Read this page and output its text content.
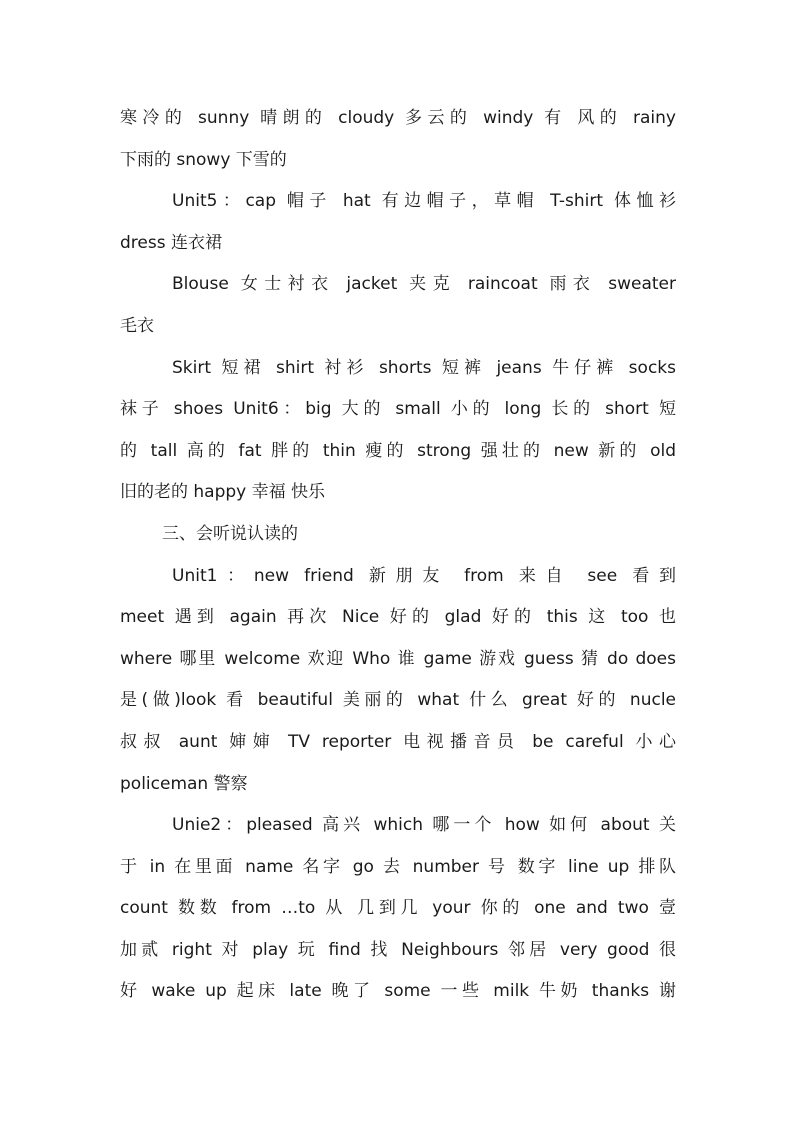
寒冷的 sunny 晴朗的 cloudy 多云的 windy 有 风的 rainy
下雨的 snowy 下雪的
Unit5：cap 帽子 hat 有边帽子，草帽 T-shirt 体恤衫
dress 连衣裙
Blouse 女士衬衣 jacket 夹克 raincoat 雨衣 sweater
毛衣
Skirt 短裙 shirt 衬衫 shorts 短裤 jeans 牛仔裤 socks
袜子 shoes Unit6：big 大的 small 小的 long 长的 short 短
的 tall 高的 fat 胖的 thin 瘦的 strong 强壮的 new 新的 old
旧的老的 happy 幸福 快乐
三、会听说认读的
Unit1：new friend 新朋友 from 来自 see 看到
meet 遇到 again 再次 Nice 好的 glad 好的 this 这 too 也
where 哪里 welcome 欢迎 Who 谁 game 游戏 guess 猜 do does
是(做)look 看 beautiful 美丽的 what 什么 great 好的 nucle
叔叔 aunt 婶婶 TV reporter 电视播音员 be careful 小心
policeman 警察
Unie2：pleased 高兴 which 哪一个 how 如何 about 关
于 in 在里面 name 名字 go 去 number 号 数字 line up 排队
count 数数 from …to 从 几到几 your 你的 one and two 壹
加贰 right 对 play 玩 find 找 Neighbours 邻居 very good 很
好 wake up 起床 late 晚了 some 一些 milk 牛奶 thanks 谢
